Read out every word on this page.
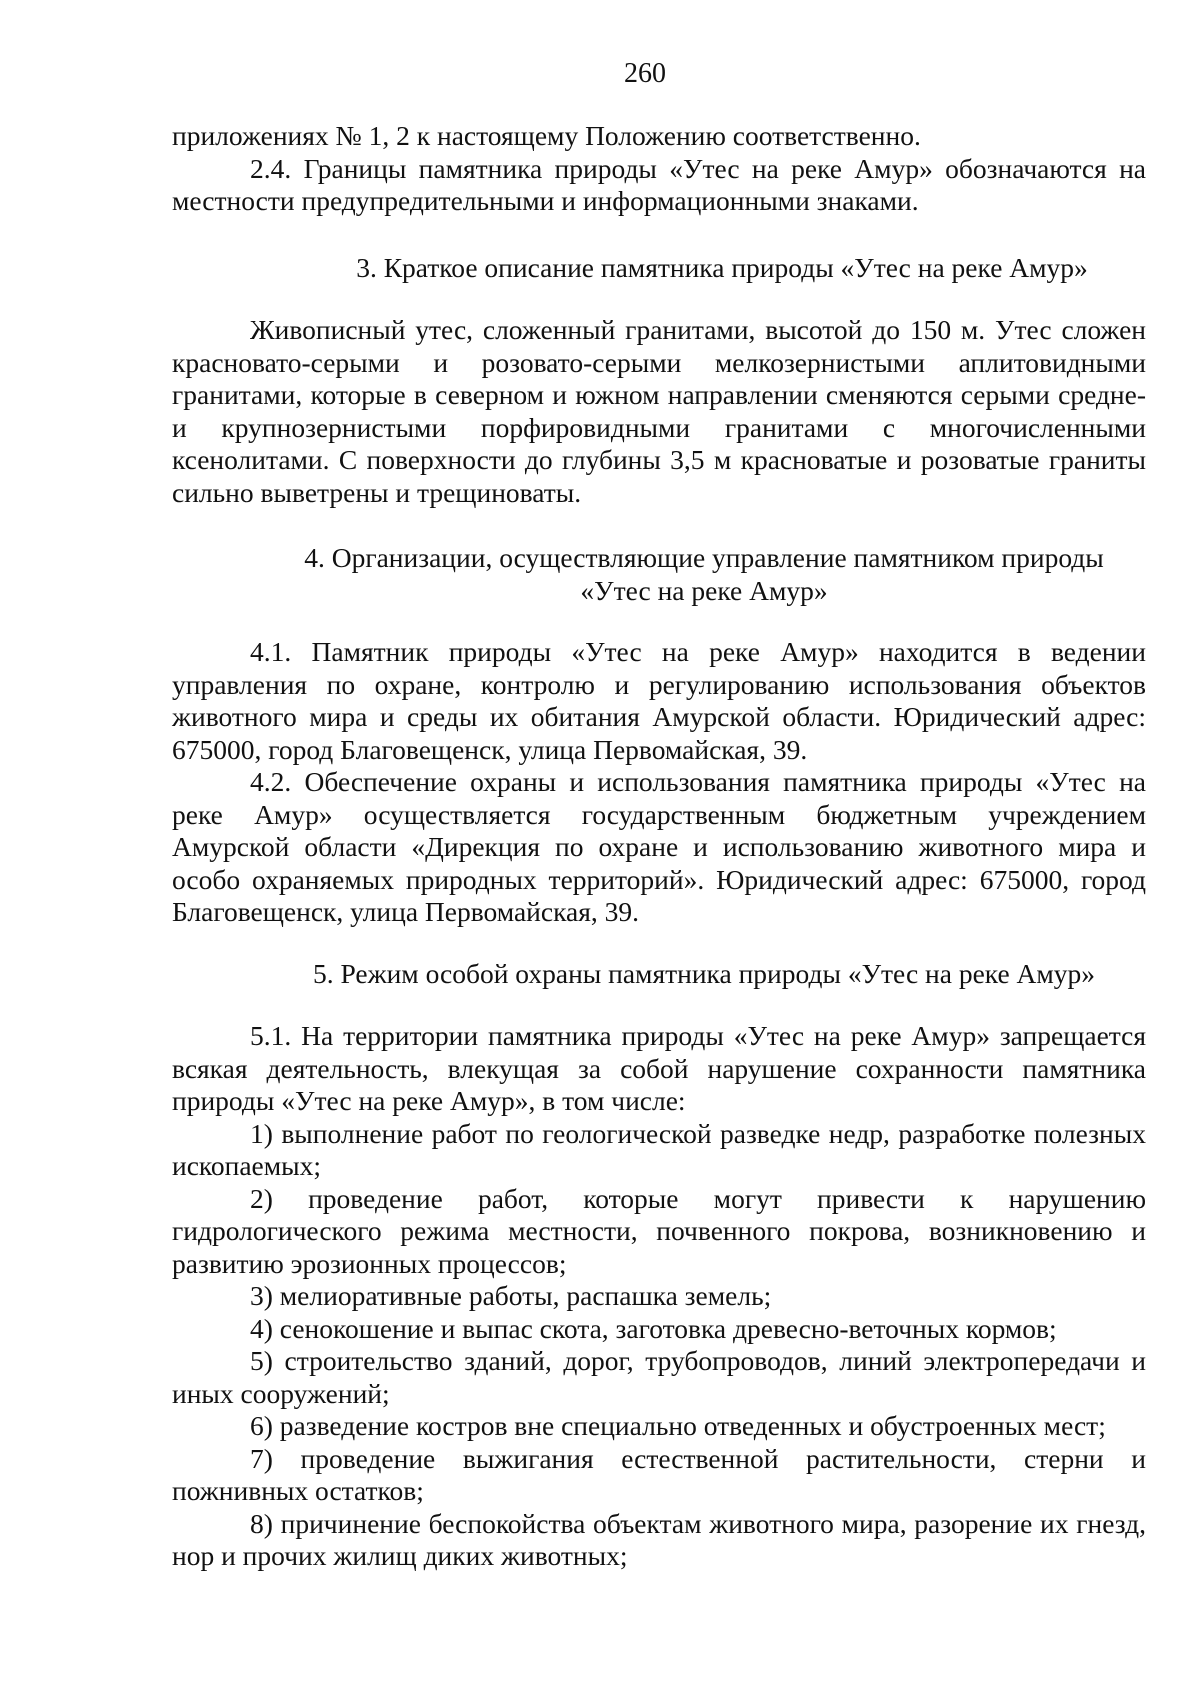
260

приложениях № 1, 2 к настоящему Положению соответственно.

2.4. Границы памятника природы «Утес на реке Амур» обозначаются на местности предупредительными и информационными знаками.

3. Краткое описание памятника природы «Утес на реке Амур»

Живописный утес, сложенный гранитами, высотой до 150 м. Утес сложен красновато-серыми и розовато-серыми мелкозернистыми аплитовидными гранитами, которые в северном и южном направлении сменяются серыми средне- и крупнозернистыми порфировидными гранитами с многочисленными ксенолитами. С поверхности до глубины 3,5 м красноватые и розоватые граниты сильно выветрены и трещиноваты.

4. Организации, осуществляющие управление памятником природы

«Утес на реке Амур»

4.1. Памятник природы «Утес на реке Амур» находится в ведении управления по охране, контролю и регулированию использования объектов животного мира и среды их обитания Амурской области. Юридический адрес: 675000, город Благовещенск, улица Первомайская, 39.

4.2. Обеспечение охраны и использования памятника природы «Утес на реке Амур» осуществляется государственным бюджетным учреждением Амурской области «Дирекция по охране и использованию животного мира и особо охраняемых природных территорий». Юридический адрес: 675000, город Благовещенск, улица Первомайская, 39.

5. Режим особой охраны памятника природы «Утес на реке Амур»

5.1. На территории памятника природы «Утес на реке Амур» запрещается всякая деятельность, влекущая за собой нарушение сохранности памятника природы «Утес на реке Амур», в том числе:

1) выполнение работ по геологической разведке недр, разработке полезных ископаемых;

2) проведение работ, которые могут привести к нарушению гидрологического режима местности, почвенного покрова, возникновению и развитию эрозионных процессов;

3) мелиоративные работы, распашка земель;

4) сенокошение и выпас скота, заготовка древесно-веточных кормов;

5) строительство зданий, дорог, трубопроводов, линий электропередачи и иных сооружений;

6) разведение костров вне специально отведенных и обустроенных мест;

7) проведение выжигания естественной растительности, стерни и пожнивных остатков;

8) причинение беспокойства объектам животного мира, разорение их гнезд, нор и прочих жилищ диких животных;
